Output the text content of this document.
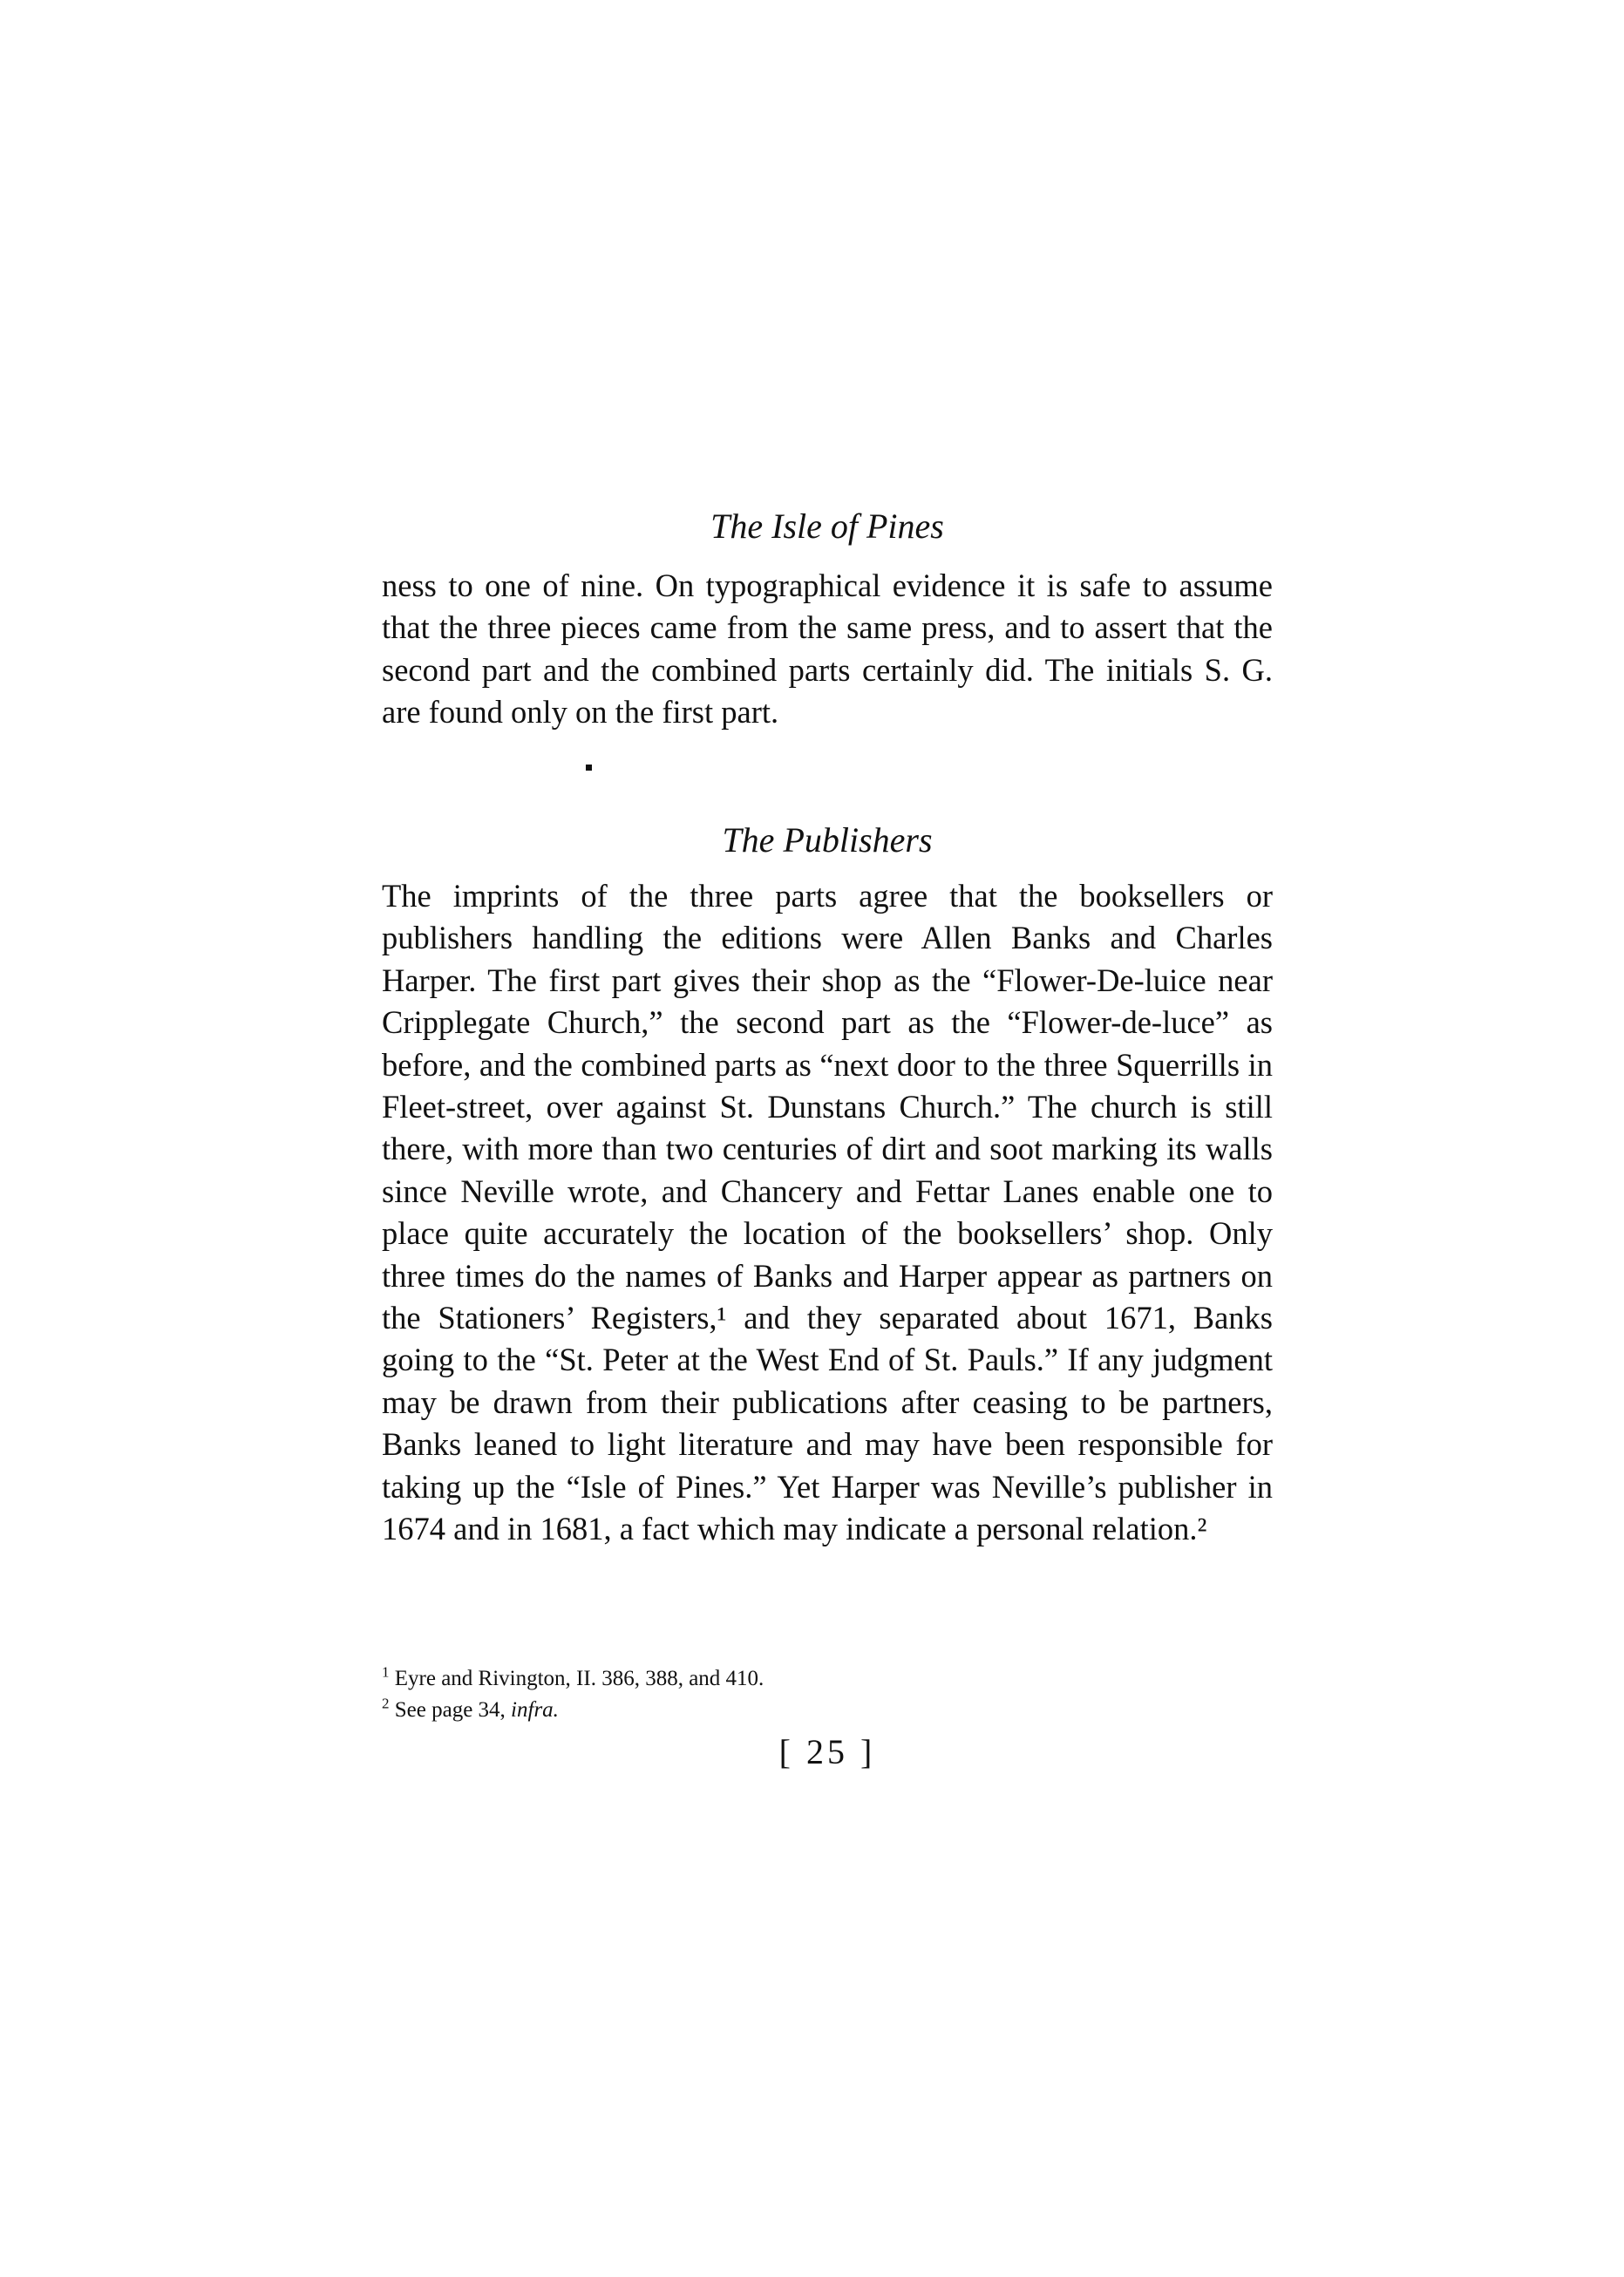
The Isle of Pines

ness to one of nine. On typographical evidence it is safe to assume that the three pieces came from the same press, and to assert that the second part and the combined parts certainly did. The initials S. G. are found only on the first part.

The Publishers

The imprints of the three parts agree that the booksellers or publishers handling the editions were Allen Banks and Charles Harper. The first part gives their shop as the “Flower-De-luice near Cripplegate Church,” the second part as the “Flower-de-luce” as before, and the combined parts as “next door to the three Squerrills in Fleet-street, over against St. Dunstans Church.” The church is still there, with more than two centuries of dirt and soot marking its walls since Neville wrote, and Chancery and Fettar Lanes enable one to place quite accurately the location of the booksellers’ shop. Only three times do the names of Banks and Harper appear as partners on the Stationers’ Registers,¹ and they separated about 1671, Banks going to the “St. Peter at the West End of St. Pauls.” If any judgment may be drawn from their publications after ceasing to be partners, Banks leaned to light literature and may have been responsible for taking up the “Isle of Pines.” Yet Harper was Neville’s publisher in 1674 and in 1681, a fact which may indicate a personal relation.²

$^1$ Eyre and Rivington, II. 386, 388, and 410.

$^2$ See page 34, infra.

[ 25 ]
